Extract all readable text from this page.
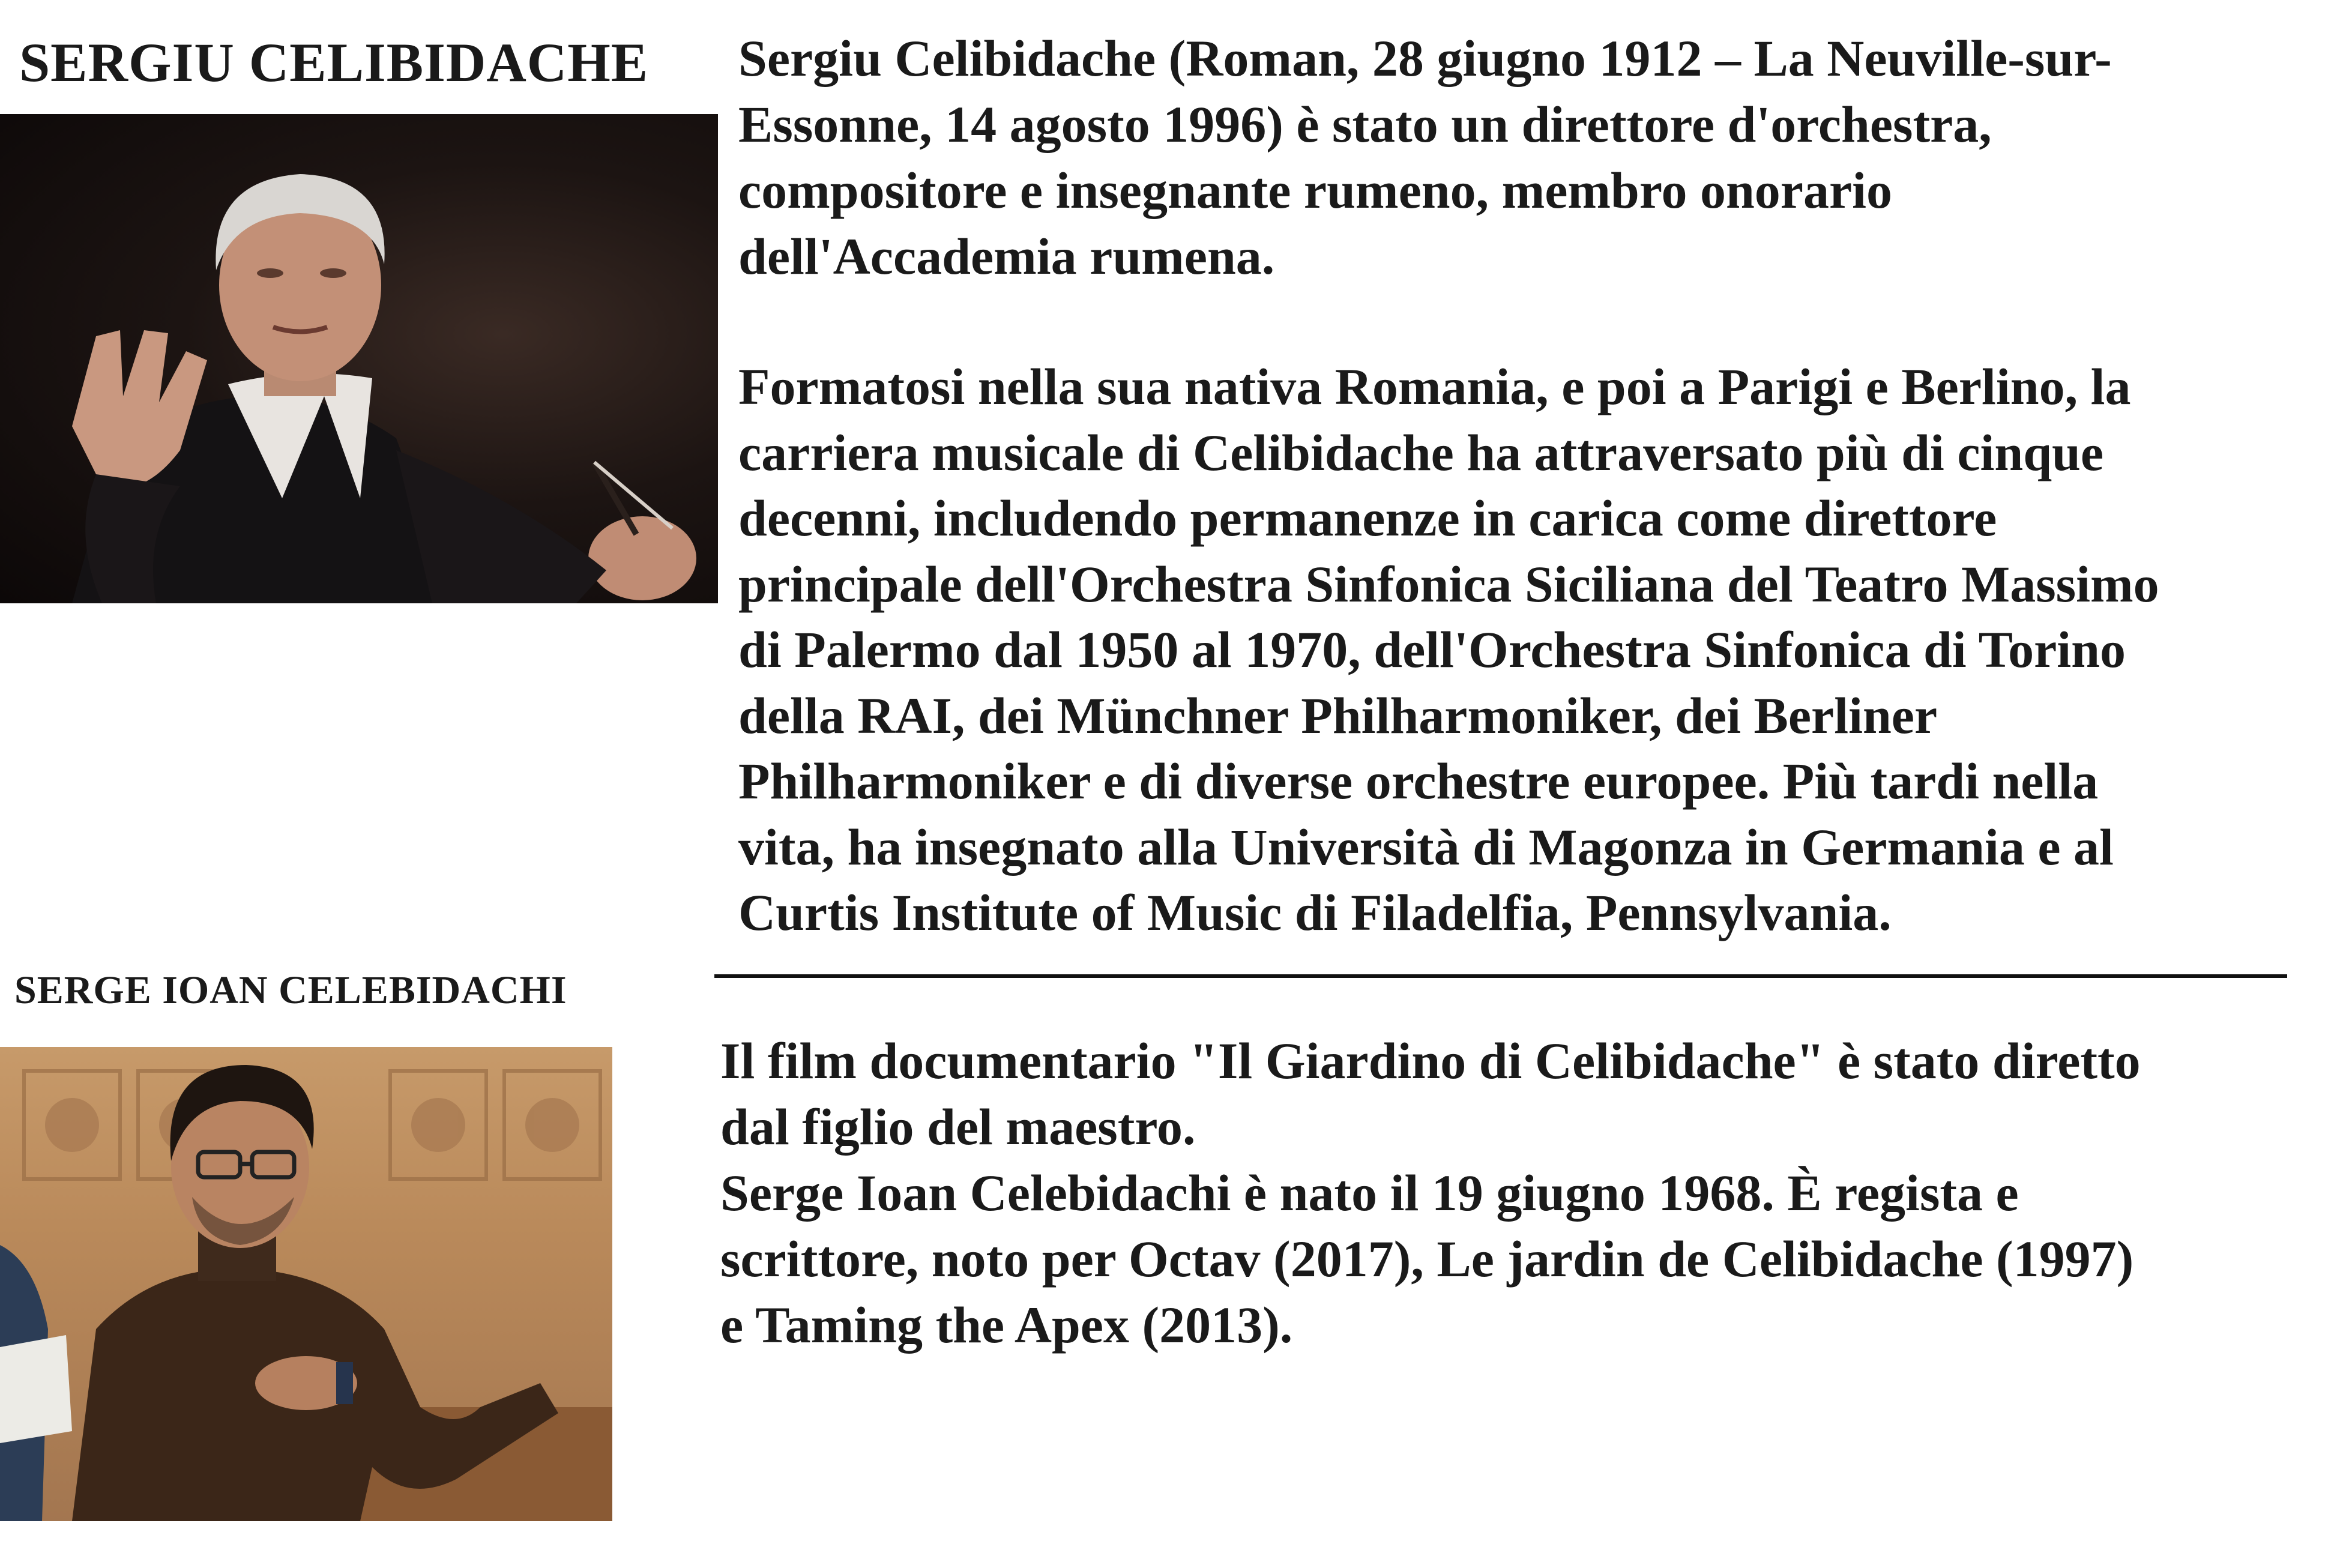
SERGIU CELIBIDACHE Sergiu Celibidache (Roman, 28 giugno 1912 – La Neuville-sur-
Essonne, 14 agosto 1996) è stato un direttore d'orchestra,
compositore e insegnante rumeno, membro onorario
dell'Accademia rumena.
Formatosi nella sua nativa Romania, e poi a Parigi e Berlino, la
carriera musicale di Celibidache ha attraversato più di cinque
decenni, includendo permanenze in carica come direttore
principale dell'Orchestra Sinfonica Siciliana del Teatro Massimo
di Palermo dal 1950 al 1970, dell'Orchestra Sinfonica di Torino
della RAI, dei Münchner Philharmoniker, dei Berliner
Philharmoniker e di diverse orchestre europee. Più tardi nella
vita, ha insegnato alla Università di Magonza in Germania e al
Curtis Institute of Music di Filadelfia, Pennsylvania.
SERGE IOAN CELEBIDACHI
Il film documentario "Il Giardino di Celibidache" è stato diretto
dal figlio del maestro.
Serge Ioan Celebidachi è nato il 19 giugno 1968. È regista e
scrittore, noto per Octav (2017), Le jardin de Celibidache (1997)
e Taming the Apex (2013).
